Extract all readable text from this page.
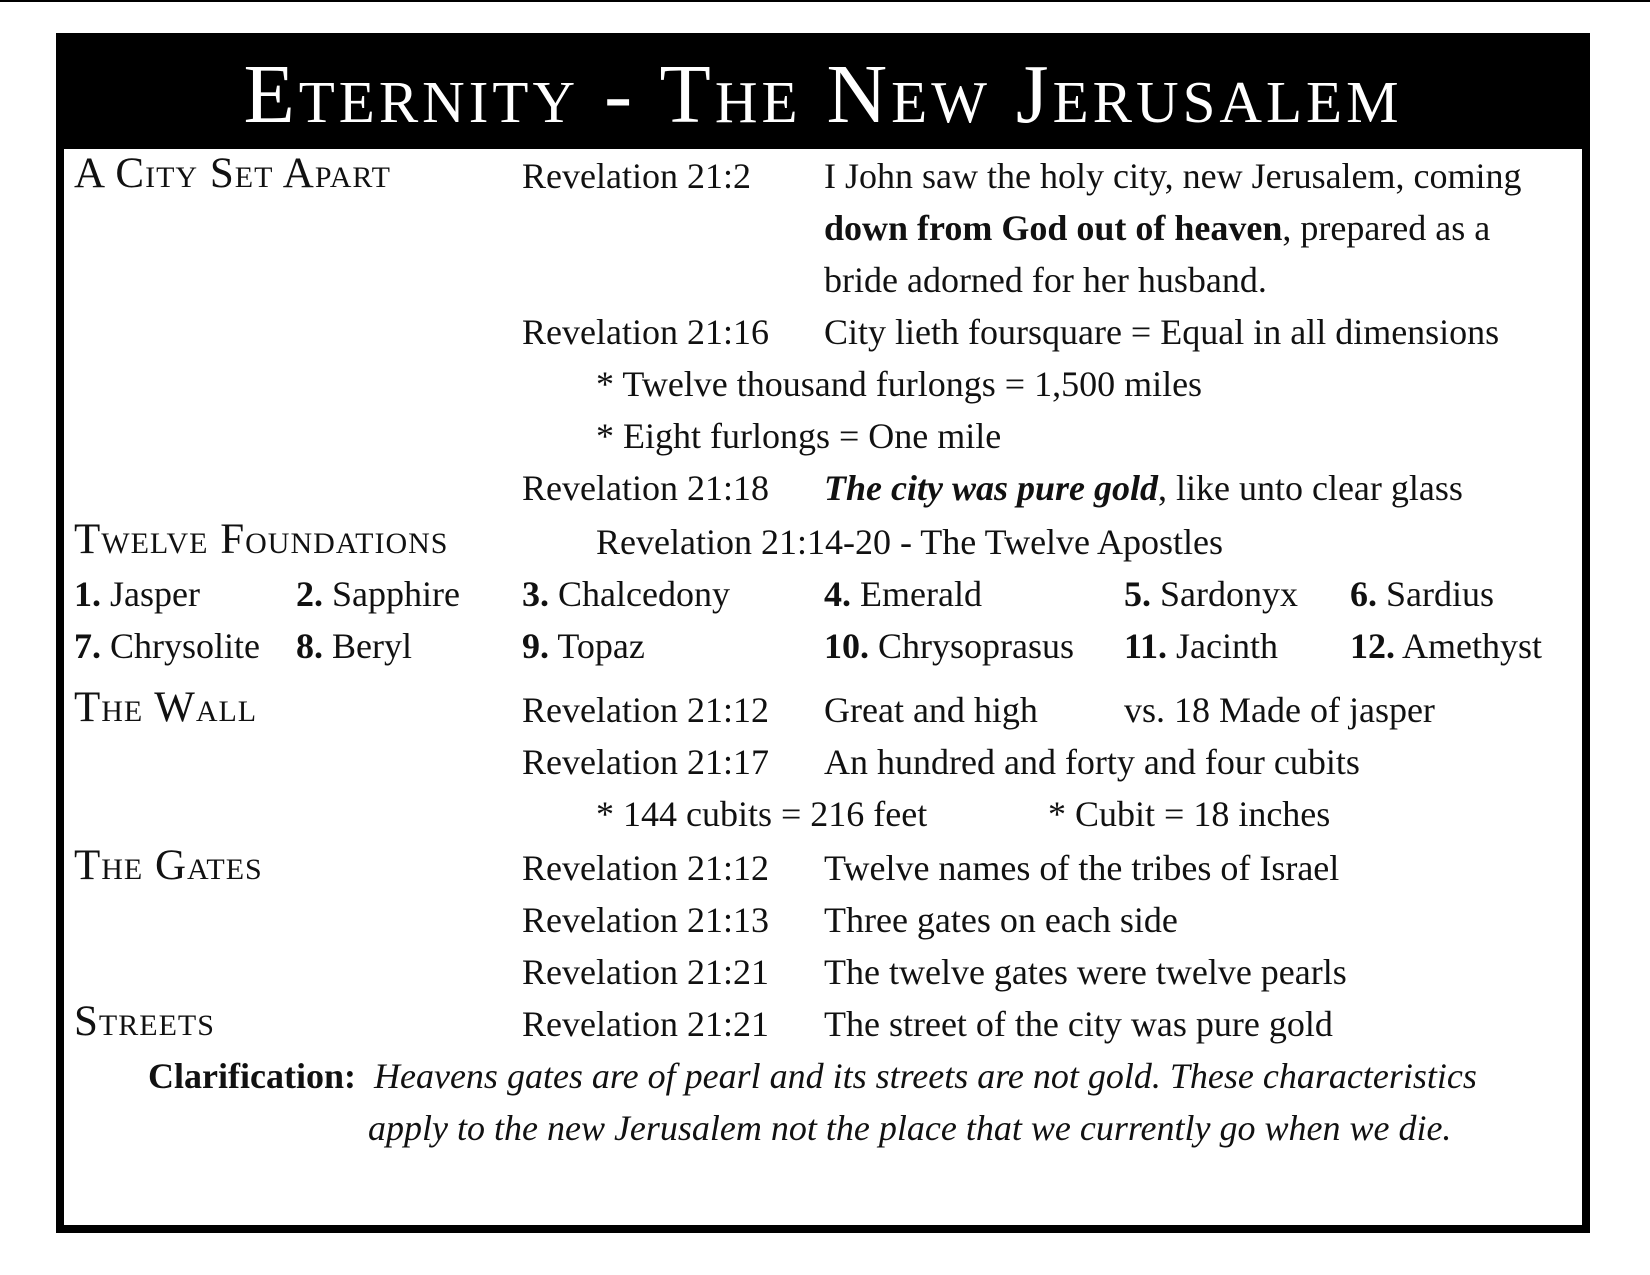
Eternity - The New Jerusalem
A City Set Apart	Revelation 21:2 I John saw the holy city, new Jerusalem, coming
down from God out of heaven, prepared as a
bride adorned for her husband.
Revelation 21:16 City lieth foursquare = Equal in all dimensions
* Twelve thousand furlongs = 1,500 miles
* Eight furlongs = One mile
Revelation 21:18 The city was pure gold, like unto clear glass
Twelve Foundations	Revelation 21:14-20 - The Twelve Apostles
1. Jasper	2. Sapphire 3. Chalcedony	4. Emerald	5. Sardonyx 6. Sardius
7. Chrysolite 8. Beryl	9. Topaz	10. Chrysoprasus 11. Jacinth 12. Amethyst
The Wall	Revelation 21:12 Great and high vs. 18 Made of jasper
Revelation 21:17 An hundred and forty and four cubits
* 144 cubits = 216 feet	* Cubit = 18 inches
The Gates	Revelation 21:12 Twelve names of the tribes of Israel
Revelation 21:13 Three gates on each side
Revelation 21:21 The twelve gates were twelve pearls
Streets	Revelation 21:21 The street of the city was pure gold
Clarification: Heavens gates are of pearl and its streets are not gold. These characteristics
apply to the new Jerusalem not the place that we currently go when we die.
